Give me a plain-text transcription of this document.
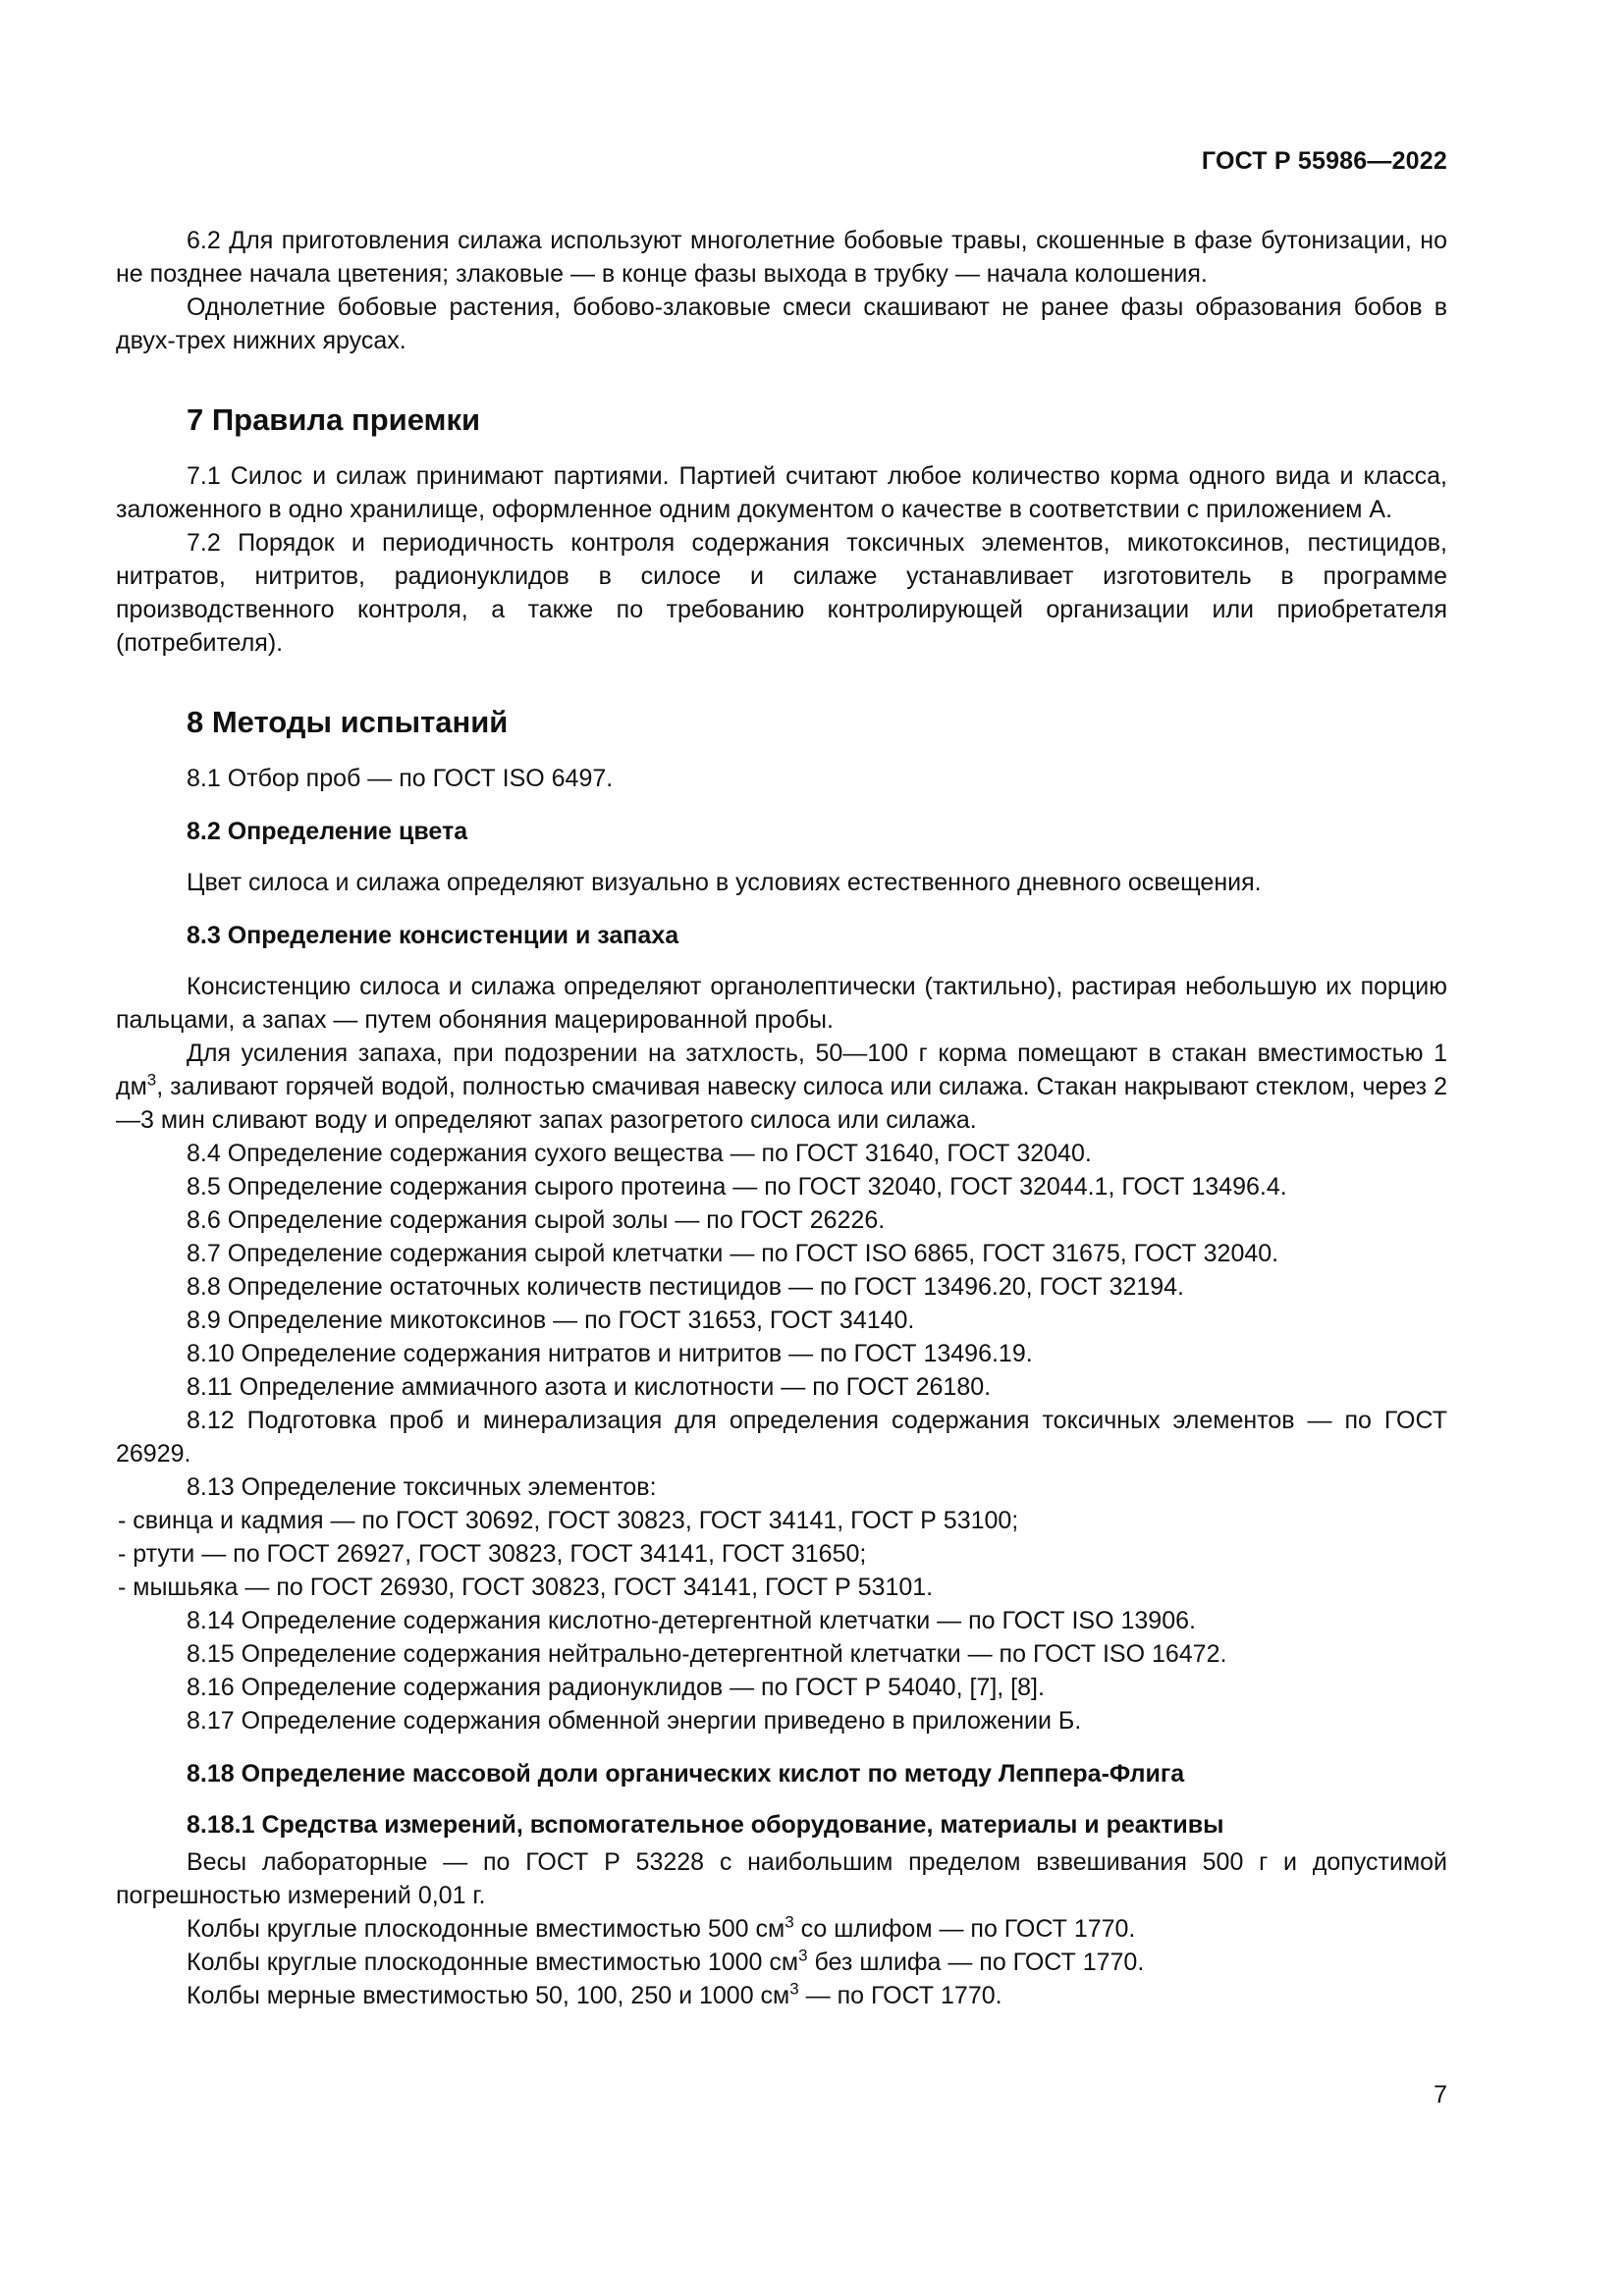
ГОСТ Р 55986—2022

6.2 Для приготовления силажа используют многолетние бобовые травы, скошенные в фазе бутонизации, но не позднее начала цветения; злаковые — в конце фазы выхода в трубку — начала колошения.

Однолетние бобовые растения, бобово-злаковые смеси скашивают не ранее фазы образования бобов в двух-трех нижних ярусах.

7 Правила приемки

7.1 Силос и силаж принимают партиями. Партией считают любое количество корма одного вида и класса, заложенного в одно хранилище, оформленное одним документом о качестве в соответствии с приложением А.

7.2 Порядок и периодичность контроля содержания токсичных элементов, микотоксинов, пестицидов, нитратов, нитритов, радионуклидов в силосе и силаже устанавливает изготовитель в программе производственного контроля, а также по требованию контролирующей организации или приобретателя (потребителя).

8 Методы испытаний

8.1 Отбор проб — по ГОСТ ISO 6497.

8.2 Определение цвета

Цвет силоса и силажа определяют визуально в условиях естественного дневного освещения.

8.3 Определение консистенции и запаха

Консистенцию силоса и силажа определяют органолептически (тактильно), растирая небольшую их порцию пальцами, а запах — путем обоняния мацерированной пробы.

Для усиления запаха, при подозрении на затхлость, 50—100 г корма помещают в стакан вместимостью 1 $дм^3$, заливают горячей водой, полностью смачивая навеску силоса или силажа. Стакан накрывают стеклом, через 2—3 мин сливают воду и определяют запах разогретого силоса или силажа.

8.4 Определение содержания сухого вещества — по ГОСТ 31640, ГОСТ 32040.

8.5 Определение содержания сырого протеина — по ГОСТ 32040, ГОСТ 32044.1, ГОСТ 13496.4.

8.6 Определение содержания сырой золы — по ГОСТ 26226.

8.7 Определение содержания сырой клетчатки — по ГОСТ ISO 6865, ГОСТ 31675, ГОСТ 32040.

8.8 Определение остаточных количеств пестицидов — по ГОСТ 13496.20, ГОСТ 32194.

8.9 Определение микотоксинов — по ГОСТ 31653, ГОСТ 34140.

8.10 Определение содержания нитратов и нитритов — по ГОСТ 13496.19.

8.11 Определение аммиачного азота и кислотности — по ГОСТ 26180.

8.12 Подготовка проб и минерализация для определения содержания токсичных элементов — по ГОСТ 26929.

8.13 Определение токсичных элементов:

- свинца и кадмия — по ГОСТ 30692, ГОСТ 30823, ГОСТ 34141, ГОСТ Р 53100;

- ртути — по ГОСТ 26927, ГОСТ 30823, ГОСТ 34141, ГОСТ 31650;

- мышьяка — по ГОСТ 26930, ГОСТ 30823, ГОСТ 34141, ГОСТ Р 53101.

8.14 Определение содержания кислотно-детергентной клетчатки — по ГОСТ ISO 13906.

8.15 Определение содержания нейтрально-детергентной клетчатки — по ГОСТ ISO 16472.

8.16 Определение содержания радионуклидов — по ГОСТ Р 54040, [7], [8].

8.17 Определение содержания обменной энергии приведено в приложении Б.

8.18 Определение массовой доли органических кислот по методу Леппера-Флига
8.18.1 Средства измерений, вспомогательное оборудование, материалы и реактивы

Весы лабораторные — по ГОСТ Р 53228 с наибольшим пределом взвешивания 500 г и допустимой погрешностью измерений 0,01 г.

Колбы круглые плоскодонные вместимостью 500 $см^3$ со шлифом — по ГОСТ 1770.

Колбы круглые плоскодонные вместимостью 1000 $см^3$ без шлифа — по ГОСТ 1770.

Колбы мерные вместимостью 50, 100, 250 и 1000 $см^3$ — по ГОСТ 1770.

7
